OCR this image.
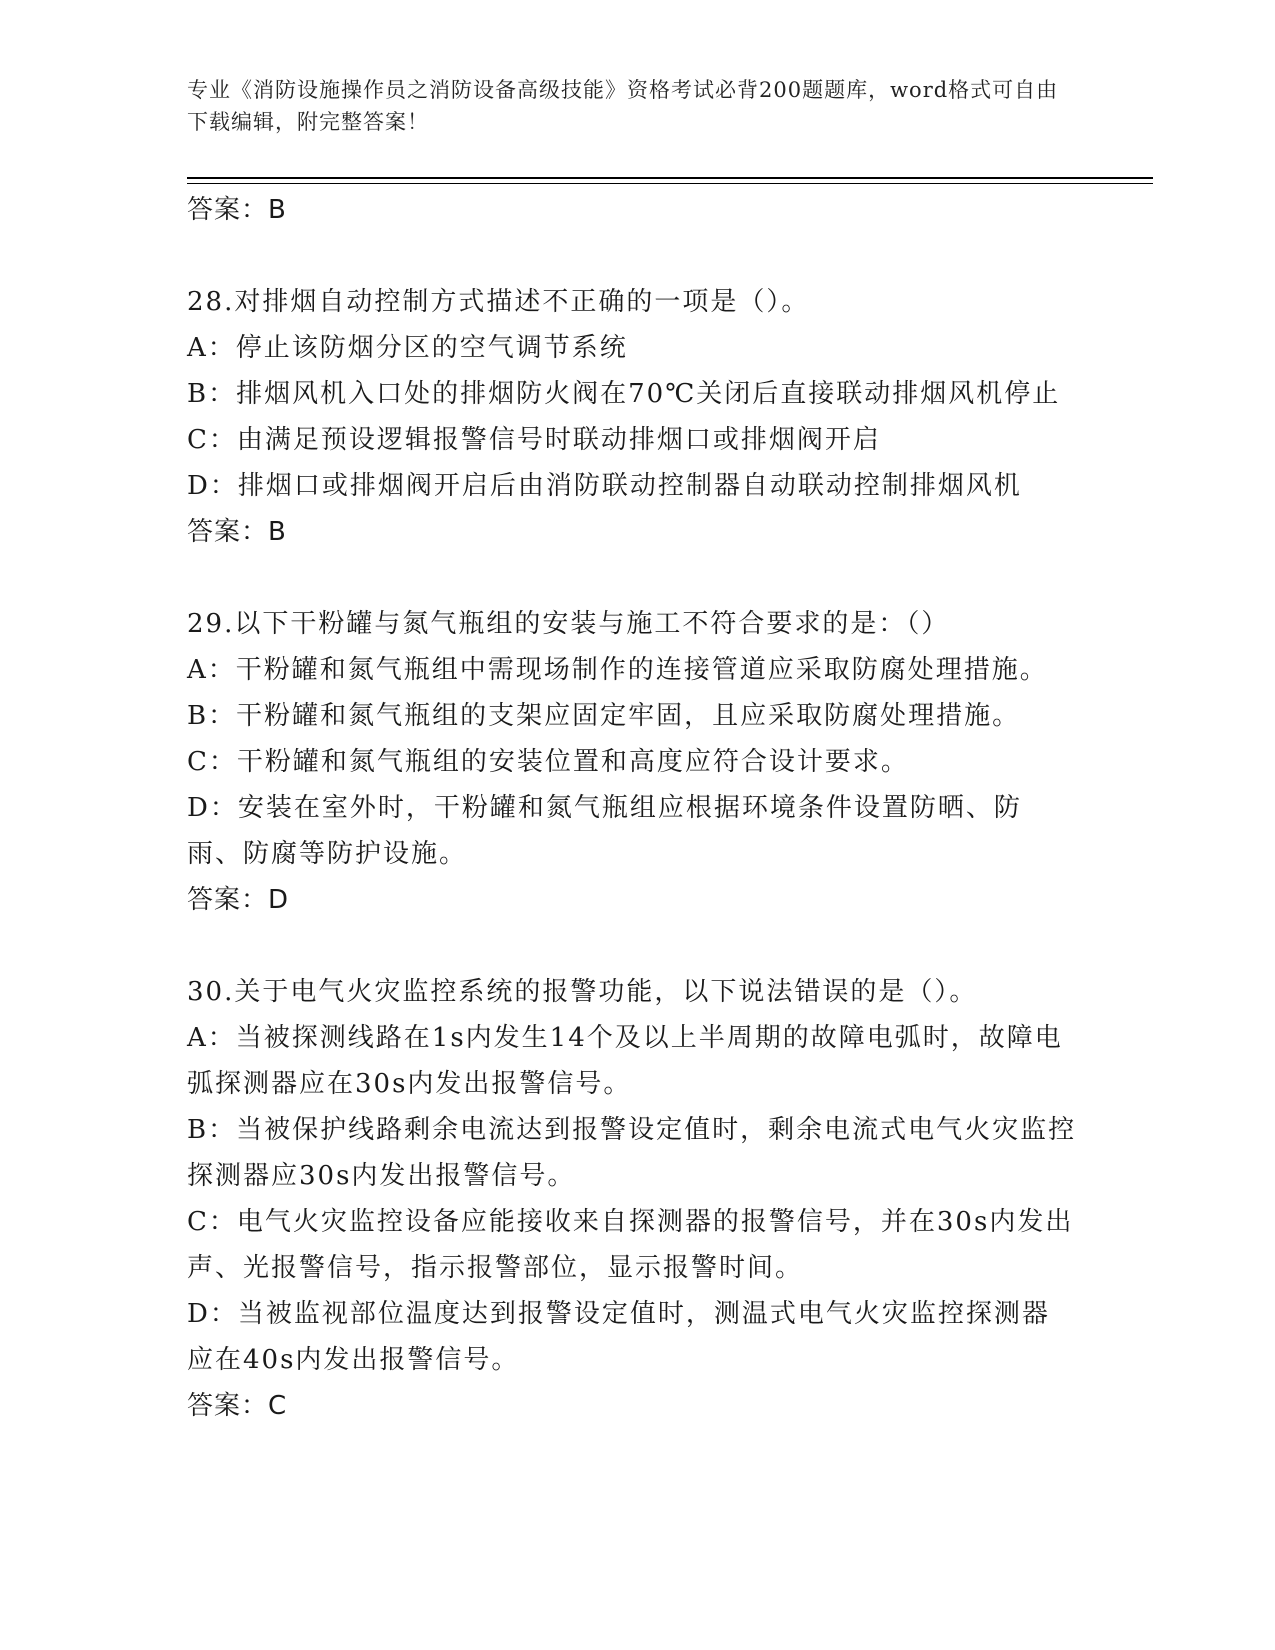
专业《消防设施操作员之消防设备高级技能》资格考试必背200题题库，word格式可自由下载编辑，附完整答案！

答案：B

28.对排烟自动控制方式描述不正确的一项是（）。

A：停止该防烟分区的空气调节系统

B：排烟风机入口处的排烟防火阀在70℃关闭后直接联动排烟风机停止

C：由满足预设逻辑报警信号时联动排烟口或排烟阀开启

D：排烟口或排烟阀开启后由消防联动控制器自动联动控制排烟风机

答案：B

29.以下干粉罐与氮气瓶组的安装与施工不符合要求的是：（）

A：干粉罐和氮气瓶组中需现场制作的连接管道应采取防腐处理措施。

B：干粉罐和氮气瓶组的支架应固定牢固，且应采取防腐处理措施。

C：干粉罐和氮气瓶组的安装位置和高度应符合设计要求。

D：安装在室外时，干粉罐和氮气瓶组应根据环境条件设置防晒、防雨、防腐等防护设施。

答案：D

30.关于电气火灾监控系统的报警功能，以下说法错误的是（）。

A：当被探测线路在1s内发生14个及以上半周期的故障电弧时，故障电弧探测器应在30s内发出报警信号。

B：当被保护线路剩余电流达到报警设定值时，剩余电流式电气火灾监控探测器应30s内发出报警信号。

C：电气火灾监控设备应能接收来自探测器的报警信号，并在30s内发出声、光报警信号，指示报警部位，显示报警时间。

D：当被监视部位温度达到报警设定值时，测温式电气火灾监控探测器应在40s内发出报警信号。

答案：C
